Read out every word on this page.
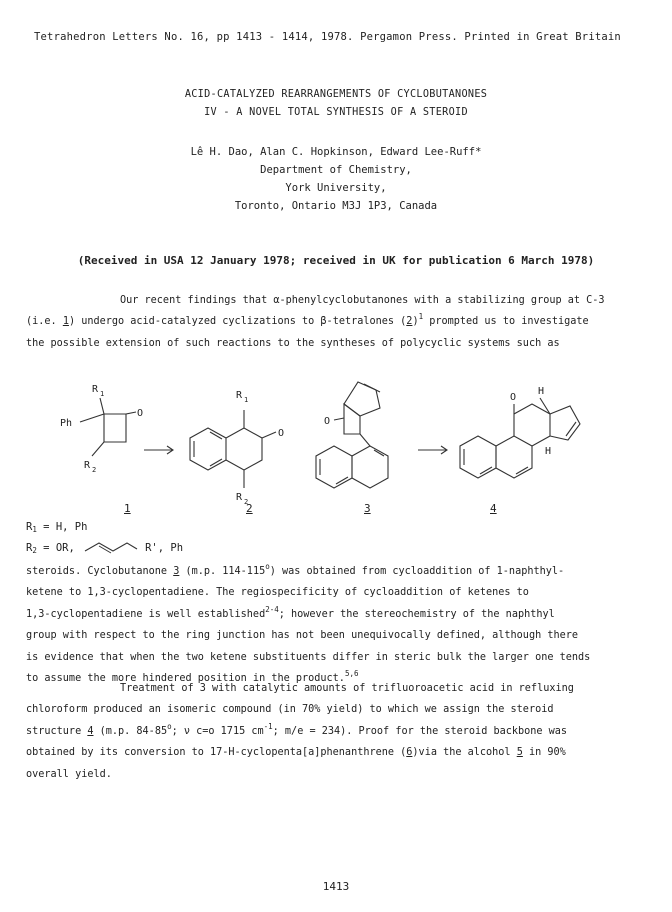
Tetrahedron Letters No. 16, pp 1413 - 1414, 1978. Pergamon Press. Printed in Great Britain
ACID-CATALYZED REARRANGEMENTS OF CYCLOBUTANONES
IV - A NOVEL TOTAL SYNTHESIS OF A STEROID
Lê H. Dao, Alan C. Hopkinson, Edward Lee-Ruff*
Department of Chemistry,
York University,
Toronto, Ontario M3J 1P3, Canada
(Received in USA 12 January 1978; received in UK for publication 6 March 1978)

Our recent findings that α-phenylcyclobutanones with a stabilizing group at C-3

(i.e. 1) undergo acid-catalyzed cyclizations to β-tetralones $(2)^1$ prompted us to investigate

the possible extension of such reactions to the syntheses of polycyclic systems such as

R 1
O
Ph
R 2
R 1
O
R 2
O
O
H
H
1	2	3	4
$R_1 = H$, Ph
$R_2$ = OR,	R', Ph

steroids. Cyclobutanone 3 (m.p. 114-115$^o$) was obtained from cycloaddition of 1-naphthyl-

ketene to 1,3-cyclopentadiene. The regiospecificity of cycloaddition of ketenes to

1,3-cyclopentadiene is well established$^{2-4}$; however the stereochemistry of the naphthyl

group with respect to the ring junction has not been unequivocally defined, although there

is evidence that when the two ketene substituents differ in steric bulk the larger one tends

to assume the more hindered position in the product.$^{5,6}$

Treatment of 3 with catalytic amounts of trifluoroacetic acid in refluxing

chloroform produced an isomeric compound (in 70% yield) to which we assign the steroid

structure 4 (m.p. 84-85$^o$; ν c=o 1715 $cm^{-1}$; m/e = 234). Proof for the steroid backbone was

obtained by its conversion to 17-H-cyclopenta[a]phenanthrene (6)via the alcohol 5 in 90%

overall yield.

1413
